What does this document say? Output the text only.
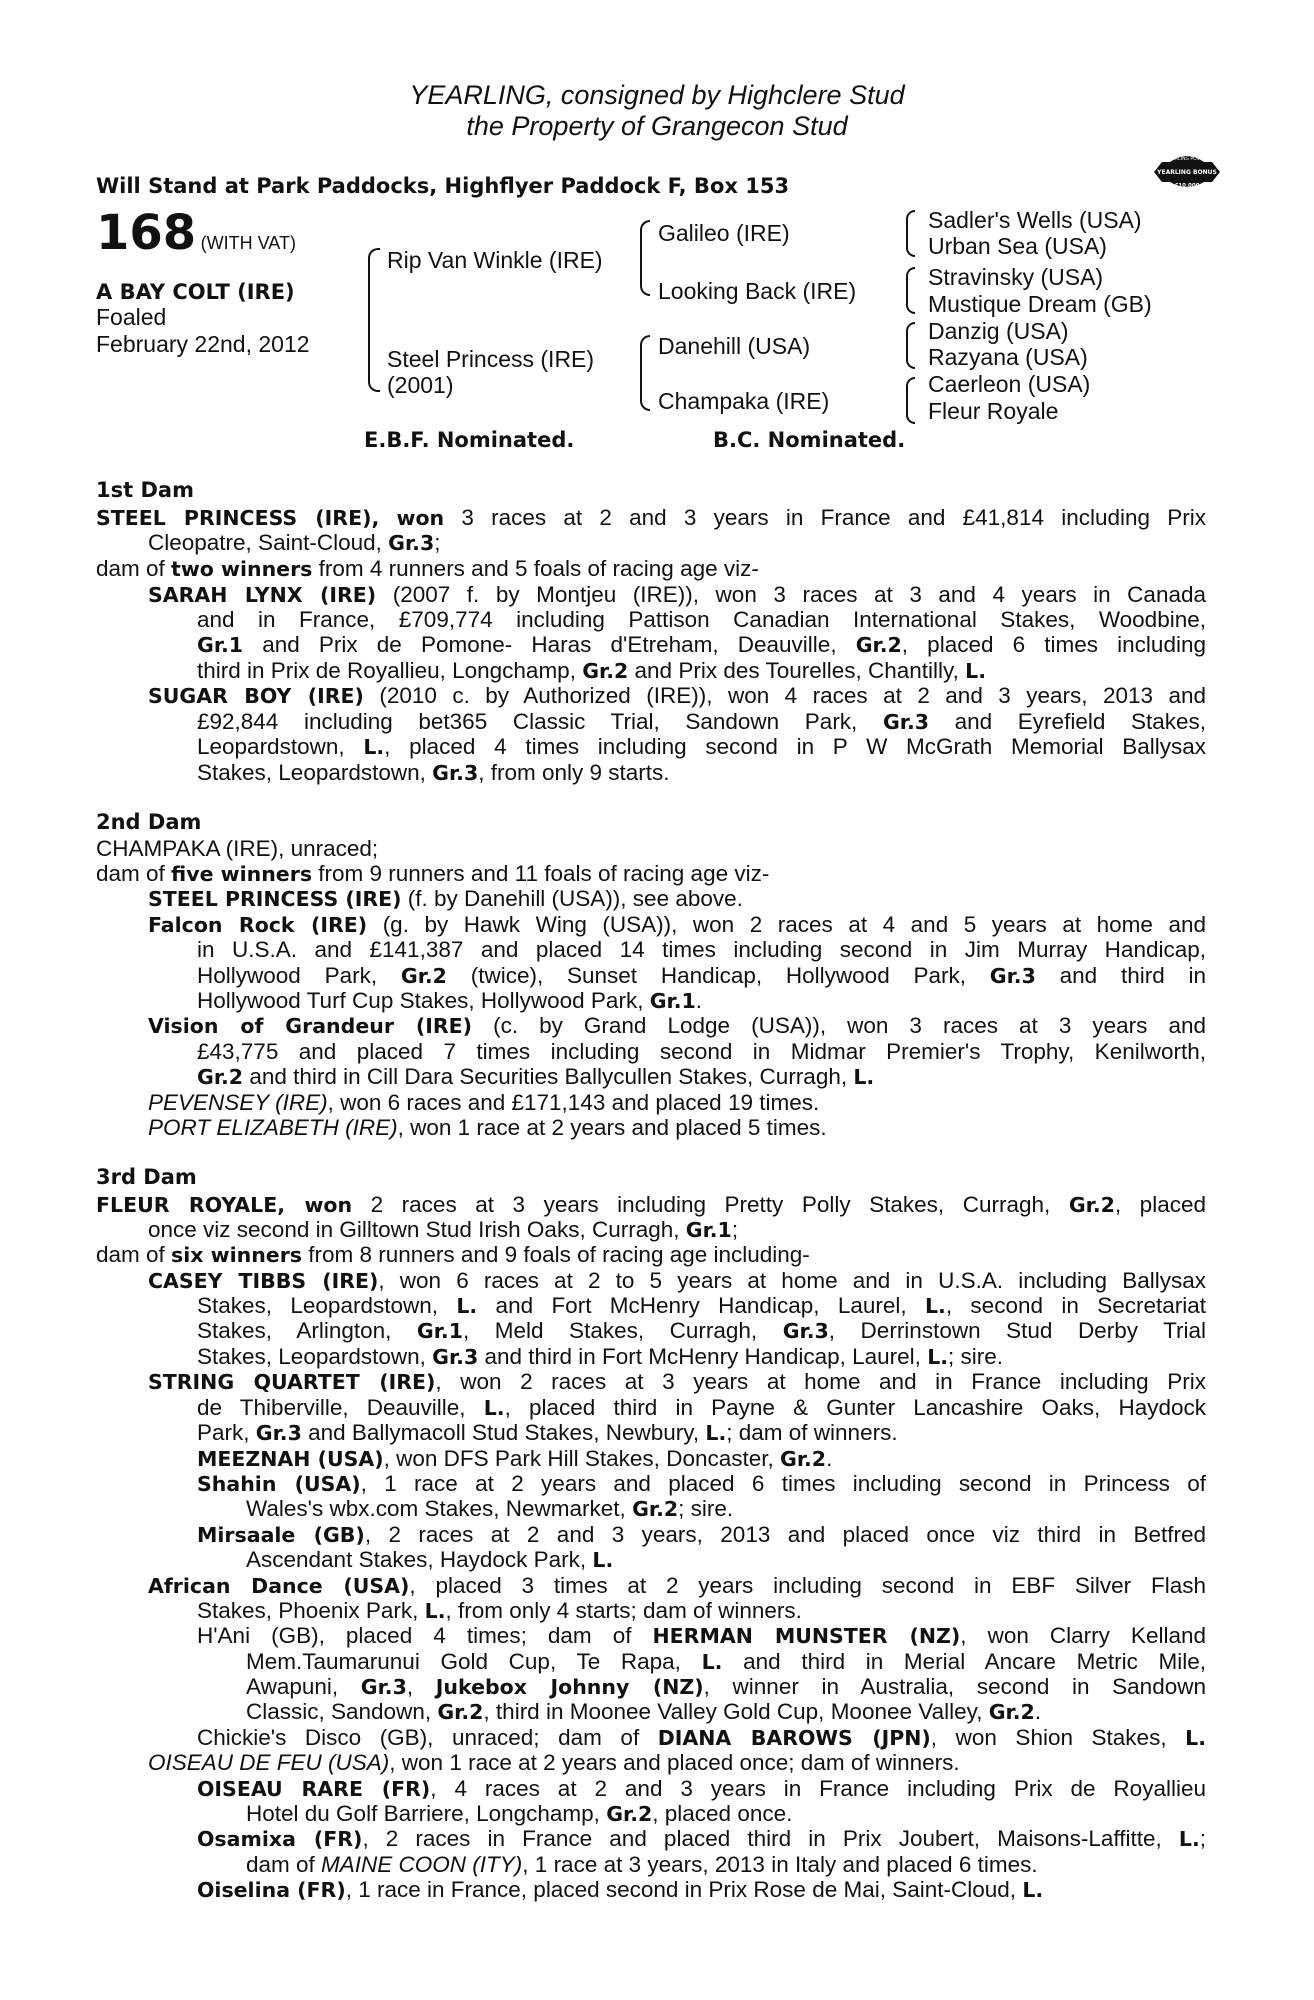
YEARLING, consigned by Highclere Stud
the Property of Grangecon Stud
Will Stand at Park Paddocks, Highflyer Paddock F, Box 153
RACING POST
YEARLING BONUS
£10,000
168 (WITH VAT)
A BAY COLT (IRE)
Foaled
February 22nd, 2012
Rip Van Winkle (IRE)
Steel Princess (IRE)
(2001)
Galileo (IRE)
Looking Back (IRE)
Danehill (USA)
Champaka (IRE)
Sadler's Wells (USA)
Urban Sea (USA)
Stravinsky (USA)
Mustique Dream (GB)
Danzig (USA)
Razyana (USA)
Caerleon (USA)
Fleur Royale
E.B.F. Nominated.	B.C. Nominated.
1st Dam
STEEL PRINCESS (IRE), won 3 races at 2 and 3 years in France and £41,814 including Prix
Cleopatre, Saint-Cloud, Gr.3;
dam of two winners from 4 runners and 5 foals of racing age viz-
SARAH LYNX (IRE) (2007 f. by Montjeu (IRE)), won 3 races at 3 and 4 years in Canada
and in France, £709,774 including Pattison Canadian International Stakes, Woodbine,
Gr.1 and Prix de Pomone- Haras d'Etreham, Deauville, Gr.2, placed 6 times including
third in Prix de Royallieu, Longchamp, Gr.2 and Prix des Tourelles, Chantilly, L.
SUGAR BOY (IRE) (2010 c. by Authorized (IRE)), won 4 races at 2 and 3 years, 2013 and
£92,844 including bet365 Classic Trial, Sandown Park, Gr.3 and Eyrefield Stakes,
Leopardstown, L., placed 4 times including second in P W McGrath Memorial Ballysax
Stakes, Leopardstown, Gr.3, from only 9 starts.
2nd Dam
CHAMPAKA (IRE), unraced;
dam of five winners from 9 runners and 11 foals of racing age viz-
STEEL PRINCESS (IRE) (f. by Danehill (USA)), see above.
Falcon Rock (IRE) (g. by Hawk Wing (USA)), won 2 races at 4 and 5 years at home and
in U.S.A. and £141,387 and placed 14 times including second in Jim Murray Handicap,
Hollywood Park, Gr.2 (twice), Sunset Handicap, Hollywood Park, Gr.3 and third in
Hollywood Turf Cup Stakes, Hollywood Park, Gr.1.
Vision of Grandeur (IRE) (c. by Grand Lodge (USA)), won 3 races at 3 years and
£43,775 and placed 7 times including second in Midmar Premier's Trophy, Kenilworth,
Gr.2 and third in Cill Dara Securities Ballycullen Stakes, Curragh, L.
PEVENSEY (IRE), won 6 races and £171,143 and placed 19 times.
PORT ELIZABETH (IRE), won 1 race at 2 years and placed 5 times.
3rd Dam
FLEUR ROYALE, won 2 races at 3 years including Pretty Polly Stakes, Curragh, Gr.2, placed
once viz second in Gilltown Stud Irish Oaks, Curragh, Gr.1;
dam of six winners from 8 runners and 9 foals of racing age including-
CASEY TIBBS (IRE), won 6 races at 2 to 5 years at home and in U.S.A. including Ballysax
Stakes, Leopardstown, L. and Fort McHenry Handicap, Laurel, L., second in Secretariat
Stakes, Arlington, Gr.1, Meld Stakes, Curragh, Gr.3, Derrinstown Stud Derby Trial
Stakes, Leopardstown, Gr.3 and third in Fort McHenry Handicap, Laurel, L.; sire.
STRING QUARTET (IRE), won 2 races at 3 years at home and in France including Prix
de Thiberville, Deauville, L., placed third in Payne & Gunter Lancashire Oaks, Haydock
Park, Gr.3 and Ballymacoll Stud Stakes, Newbury, L.; dam of winners.
MEEZNAH (USA), won DFS Park Hill Stakes, Doncaster, Gr.2.
Shahin (USA), 1 race at 2 years and placed 6 times including second in Princess of
Wales's wbx.com Stakes, Newmarket, Gr.2; sire.
Mirsaale (GB), 2 races at 2 and 3 years, 2013 and placed once viz third in Betfred
Ascendant Stakes, Haydock Park, L.
African Dance (USA), placed 3 times at 2 years including second in EBF Silver Flash
Stakes, Phoenix Park, L., from only 4 starts; dam of winners.
H'Ani (GB), placed 4 times; dam of HERMAN MUNSTER (NZ), won Clarry Kelland
Mem.Taumarunui Gold Cup, Te Rapa, L. and third in Merial Ancare Metric Mile,
Awapuni, Gr.3, Jukebox Johnny (NZ), winner in Australia, second in Sandown
Classic, Sandown, Gr.2, third in Moonee Valley Gold Cup, Moonee Valley, Gr.2.
Chickie's Disco (GB), unraced; dam of DIANA BAROWS (JPN), won Shion Stakes, L.
OISEAU DE FEU (USA), won 1 race at 2 years and placed once; dam of winners.
OISEAU RARE (FR), 4 races at 2 and 3 years in France including Prix de Royallieu
Hotel du Golf Barriere, Longchamp, Gr.2, placed once.
Osamixa (FR), 2 races in France and placed third in Prix Joubert, Maisons-Laffitte, L.;
dam of MAINE COON (ITY), 1 race at 3 years, 2013 in Italy and placed 6 times.
Oiselina (FR), 1 race in France, placed second in Prix Rose de Mai, Saint-Cloud, L.
